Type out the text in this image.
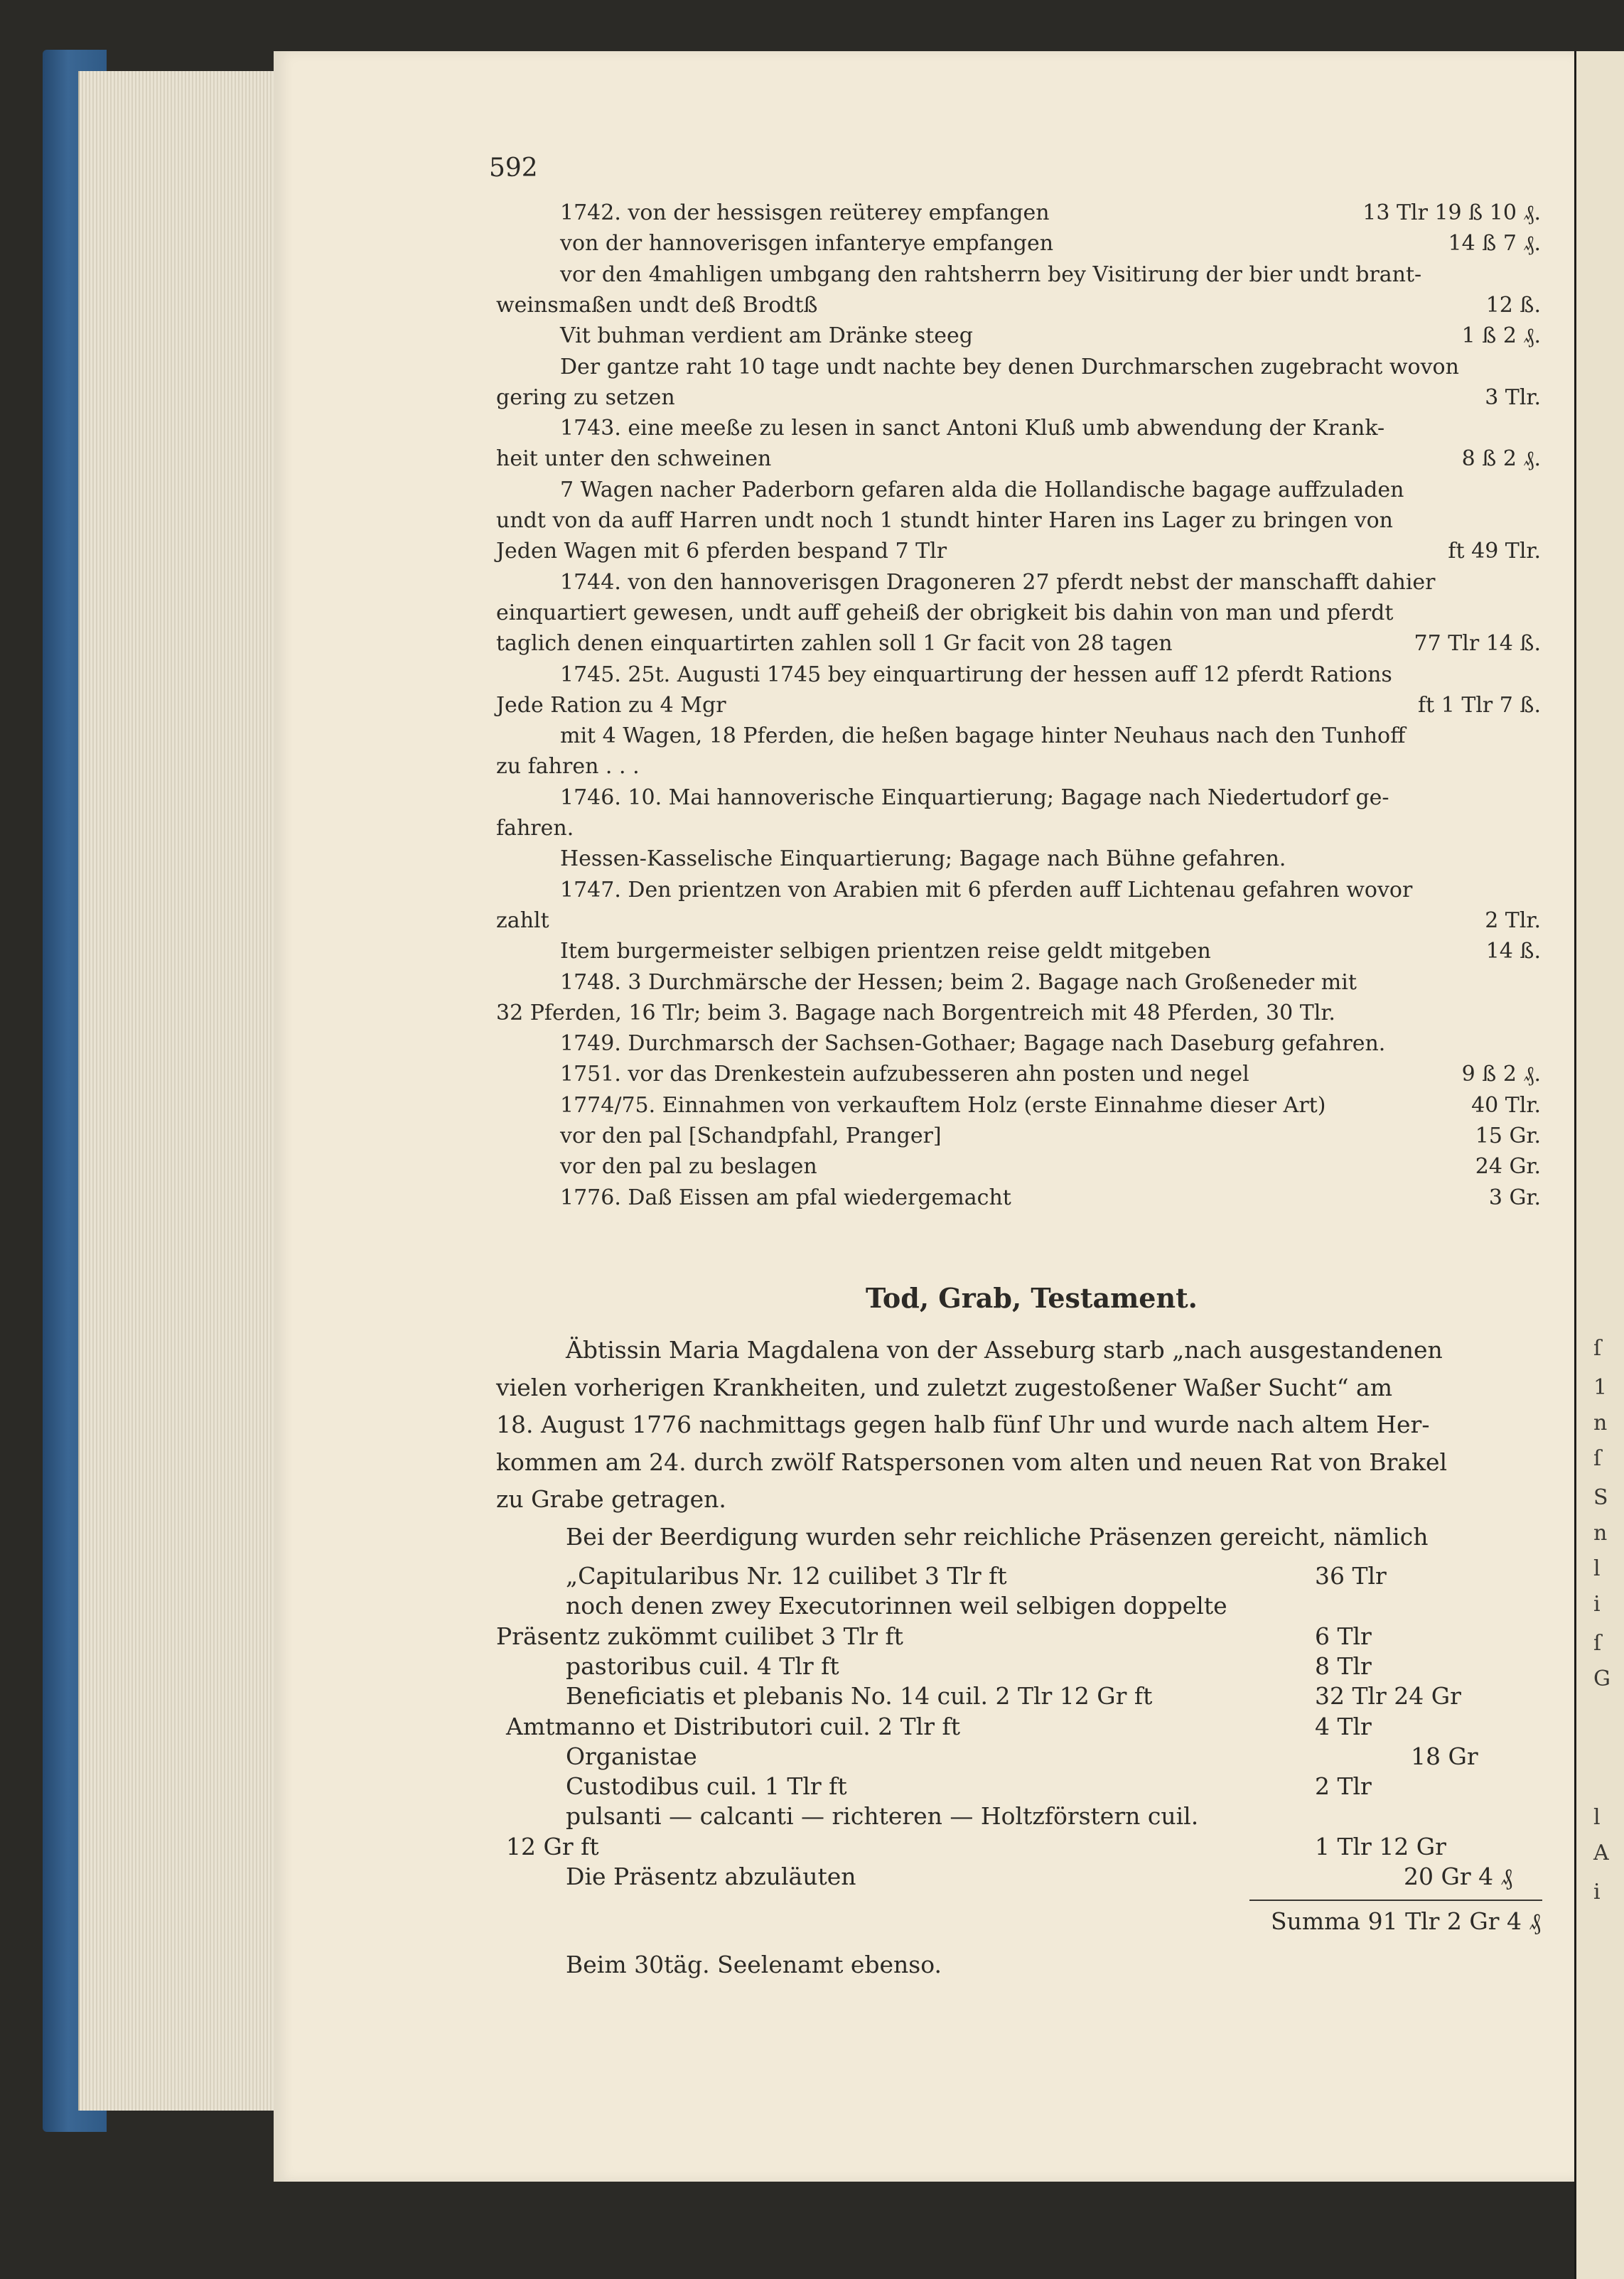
592
1742. von der hessisgen reüterey empfangen	13 Tlr 19 ß 10 ₰.
von der hannoverisgen infanterye empfangen	14 ß 7 ₰.
vor den 4mahligen umbgang den rahtsherrn bey Visitirung der bier undt brant-
weinsmaßen undt deß Brodtß	12 ß.
Vit buhman verdient am Dränke steeg	1 ß 2 ₰.
Der gantze raht 10 tage undt nachte bey denen Durchmarschen zugebracht wovon
gering zu setzen	3 Tlr.
1743. eine meeße zu lesen in sanct Antoni Kluß umb abwendung der Krank-
heit unter den schweinen	8 ß 2 ₰.
7 Wagen nacher Paderborn gefaren alda die Hollandische bagage auffzuladen
undt von da auff Harren undt noch 1 stundt hinter Haren ins Lager zu bringen von
Jeden Wagen mit 6 pferden bespand 7 Tlr	ft 49 Tlr.
1744. von den hannoverisgen Dragoneren 27 pferdt nebst der manschafft dahier
einquartiert gewesen, undt auff geheiß der obrigkeit bis dahin von man und pferdt
taglich denen einquartirten zahlen soll 1 Gr facit von 28 tagen	77 Tlr 14 ß.
1745. 25t. Augusti 1745 bey einquartirung der hessen auff 12 pferdt Rations
Jede Ration zu 4 Mgr	ft 1 Tlr 7 ß.
mit 4 Wagen, 18 Pferden, die heßen bagage hinter Neuhaus nach den Tunhoff
zu fahren . . .
1746. 10. Mai hannoverische Einquartierung; Bagage nach Niedertudorf ge-
fahren.
Hessen-Kasselische Einquartierung; Bagage nach Bühne gefahren.
1747. Den prientzen von Arabien mit 6 pferden auff Lichtenau gefahren wovor
zahlt	2 Tlr.
Item burgermeister selbigen prientzen reise geldt mitgeben	14 ß.
1748. 3 Durchmärsche der Hessen; beim 2. Bagage nach Großeneder mit
32 Pferden, 16 Tlr; beim 3. Bagage nach Borgentreich mit 48 Pferden, 30 Tlr.
1749. Durchmarsch der Sachsen-Gothaer; Bagage nach Daseburg gefahren.
1751. vor das Drenkestein aufzubesseren ahn posten und negel	9 ß 2 ₰.
1774/75. Einnahmen von verkauftem Holz (erste Einnahme dieser Art)	40 Tlr.
vor den pal [Schandpfahl, Pranger]	15 Gr.
vor den pal zu beslagen	24 Gr.
1776. Daß Eissen am pfal wiedergemacht	3 Gr.
Tod, Grab, Testament.
Äbtissin Maria Magdalena von der Asseburg starb „nach ausgestandenen
vielen vorherigen Krankheiten, und zuletzt zugestoßener Waßer Sucht“ am
18. August 1776 nachmittags gegen halb fünf Uhr und wurde nach altem Her-
kommen am 24. durch zwölf Ratspersonen vom alten und neuen Rat von Brakel
zu Grabe getragen.
Bei der Beerdigung wurden sehr reichliche Präsenzen gereicht, nämlich
„Capitularibus Nr. 12 cuilibet 3 Tlr ft	36 Tlr
noch denen zwey Executorinnen weil selbigen doppelte
Präsentz zukömmt cuilibet 3 Tlr ft	6 Tlr
pastoribus cuil. 4 Tlr ft	8 Tlr
Beneficiatis et plebanis No. 14 cuil. 2 Tlr 12 Gr ft	32 Tlr 24 Gr
Amtmanno et Distributori cuil. 2 Tlr ft	4 Tlr
Organistae	18 Gr
Custodibus cuil. 1 Tlr ft	2 Tlr
pulsanti — calcanti — richteren — Holtzförstern cuil.
12 Gr ft	1 Tlr 12 Gr
Die Präsentz abzuläuten	20 Gr 4 ₰
Summa 91 Tlr 2 Gr 4 ₰
Beim 30täg. Seelenamt ebenso.
ſ
1
n
ſ
S
n
l
i
ſ
G
l
A
i
